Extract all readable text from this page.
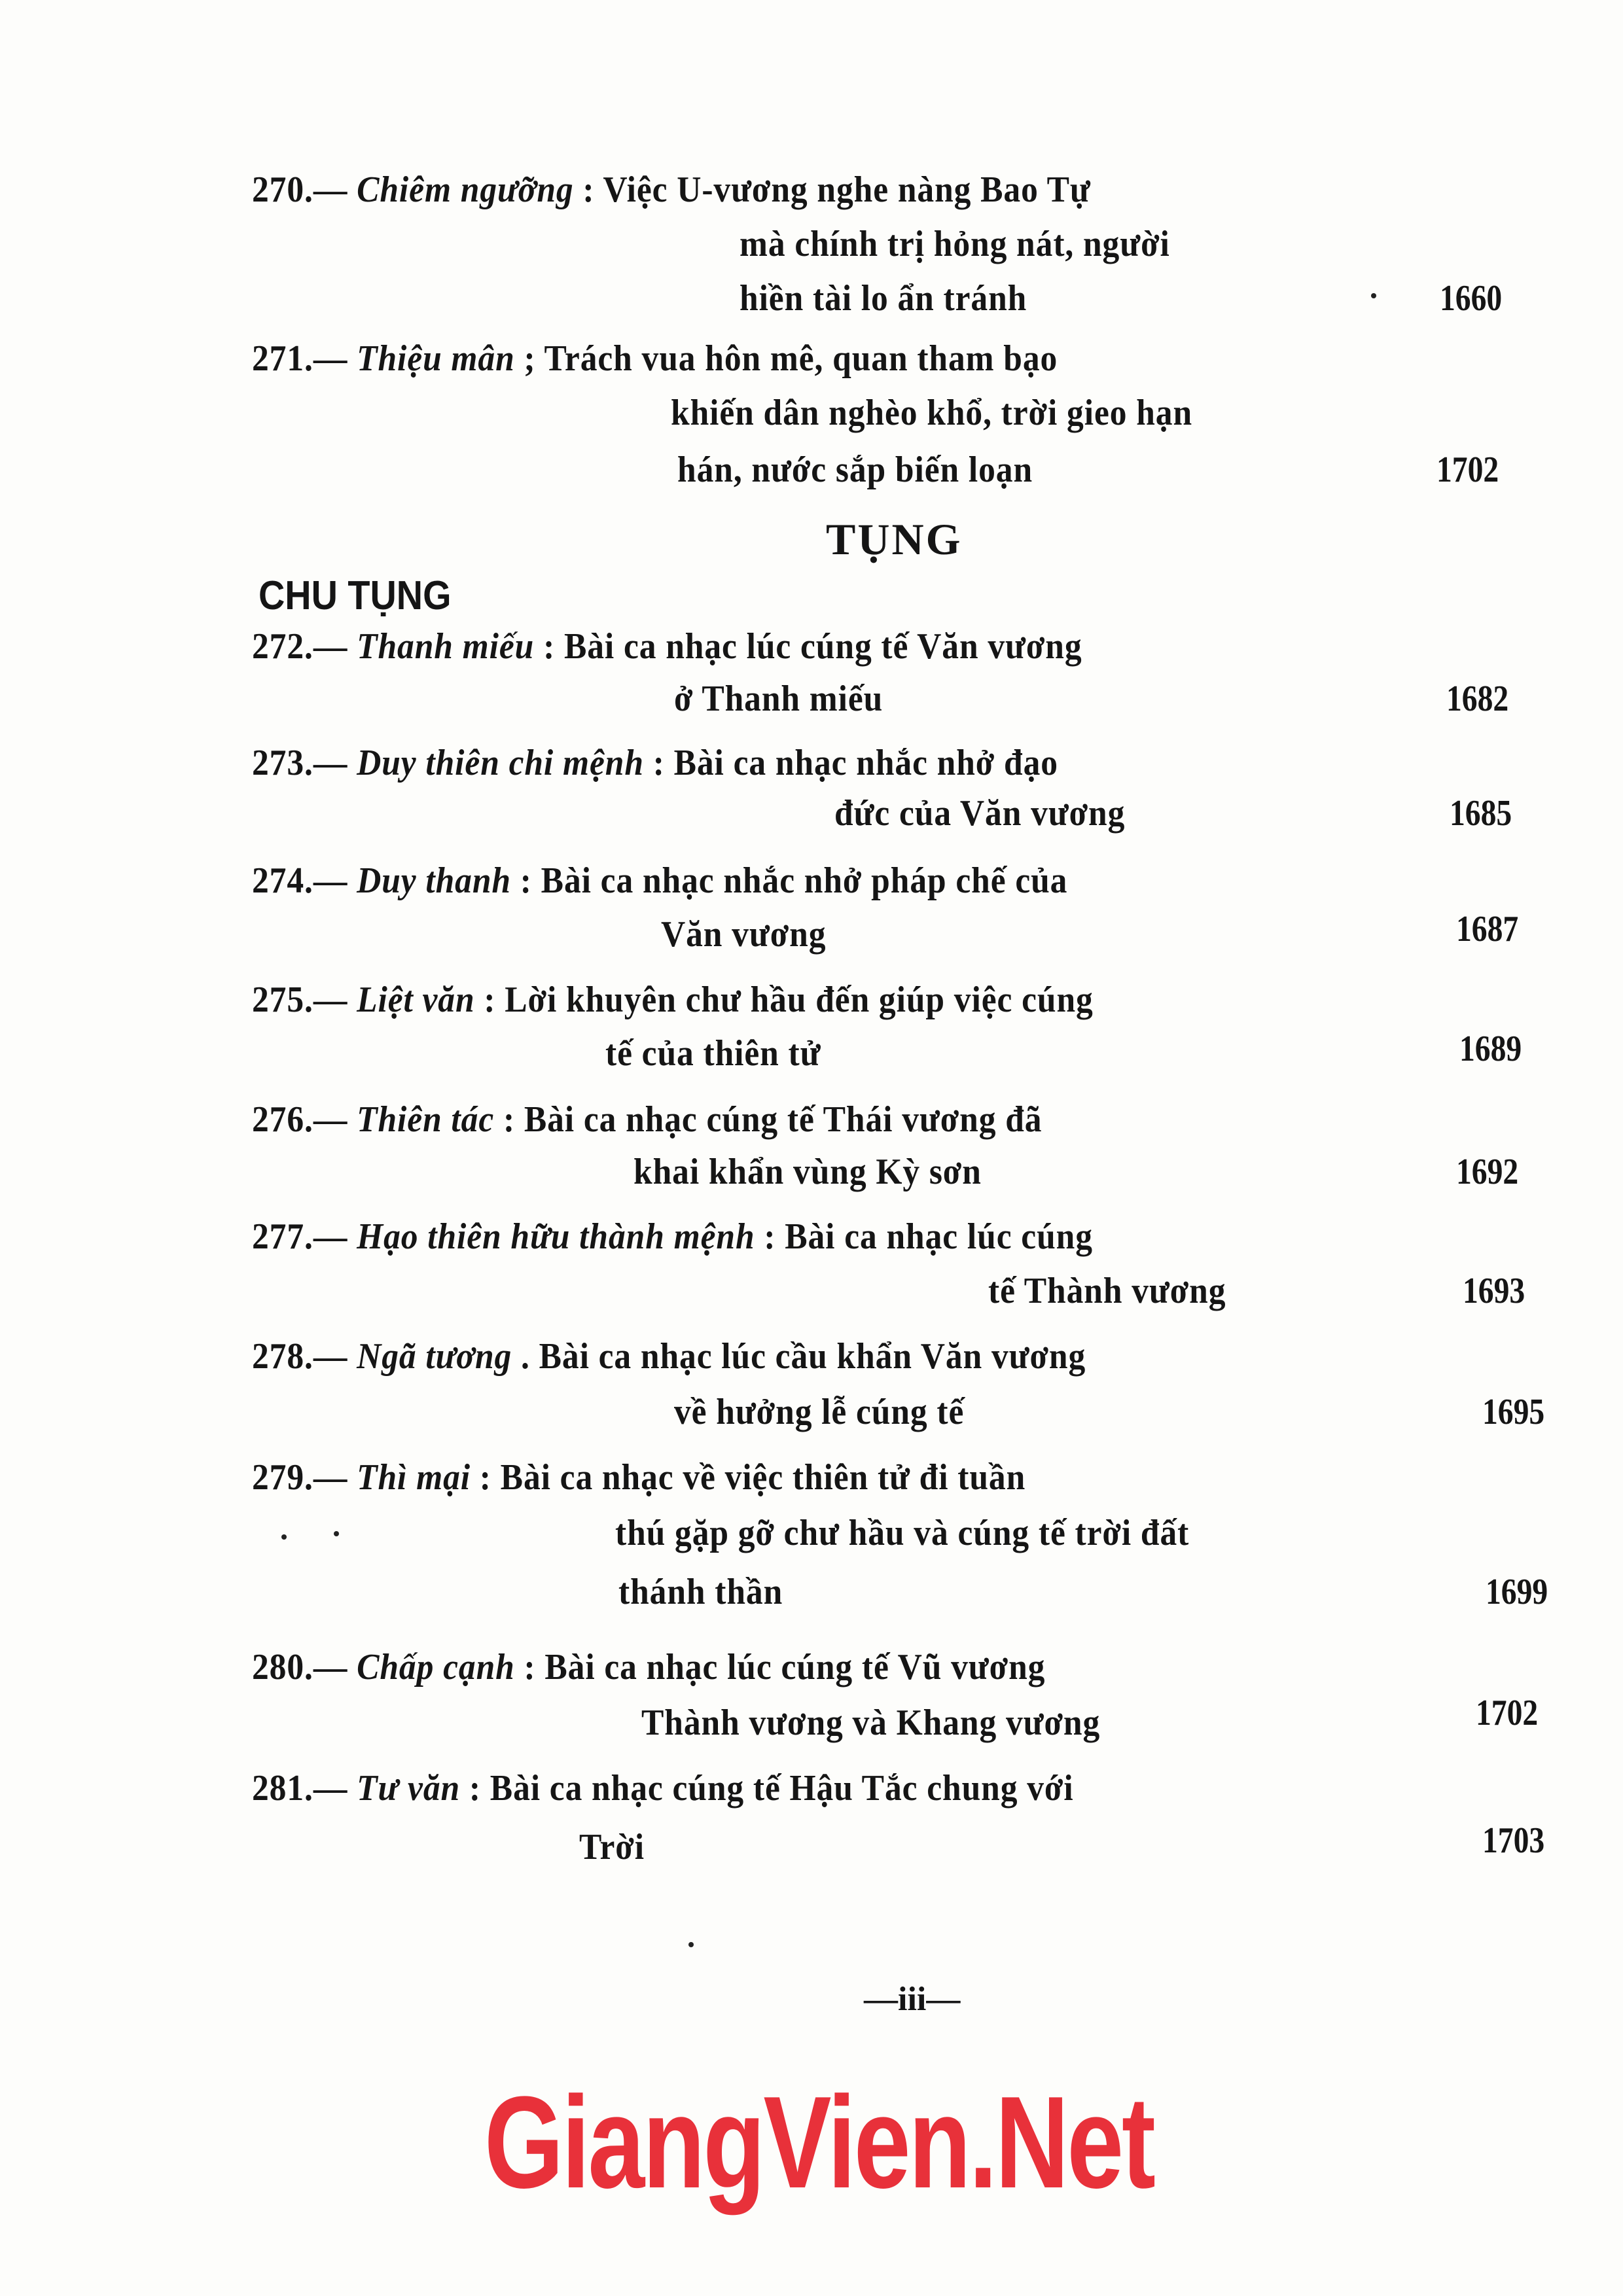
270.— Chiêm ngưỡng : Việc U-vương nghe nàng Bao Tự
mà chính trị hỏng nát, người
hiền tài lo ẩn tránh	1660
271.— Thiệu mân ; Trách vua hôn mê, quan tham bạo
khiến dân nghèo khổ, trời gieo hạn
hán, nước sắp biến loạn	1702
TỤNG
CHU TỤNG
272.— Thanh miếu : Bài ca nhạc lúc cúng tế Văn vương
ở Thanh miếu	1682
273.— Duy thiên chi mệnh : Bài ca nhạc nhắc nhở đạo
đức của Văn vương	1685
274.— Duy thanh : Bài ca nhạc nhắc nhở pháp chế của
Văn vương	1687
275.— Liệt văn : Lời khuyên chư hầu đến giúp việc cúng
tế của thiên tử	1689
276.— Thiên tác : Bài ca nhạc cúng tế Thái vương đã
khai khẩn vùng Kỳ sơn	1692
277.— Hạo thiên hữu thành mệnh : Bài ca nhạc lúc cúng
tế Thành vương	1693
278.— Ngã tương . Bài ca nhạc lúc cầu khẩn Văn vương
về hưởng lễ cúng tế	1695
279.— Thì mại : Bài ca nhạc về việc thiên tử đi tuần
thú gặp gỡ chư hầu và cúng tế trời đất
thánh thần	1699
280.— Chấp cạnh : Bài ca nhạc lúc cúng tế Vũ vương
Thành vương và Khang vương	1702
281.— Tư văn : Bài ca nhạc cúng tế Hậu Tắc chung với
Trời	1703
—iii—
GiangVien.Net
